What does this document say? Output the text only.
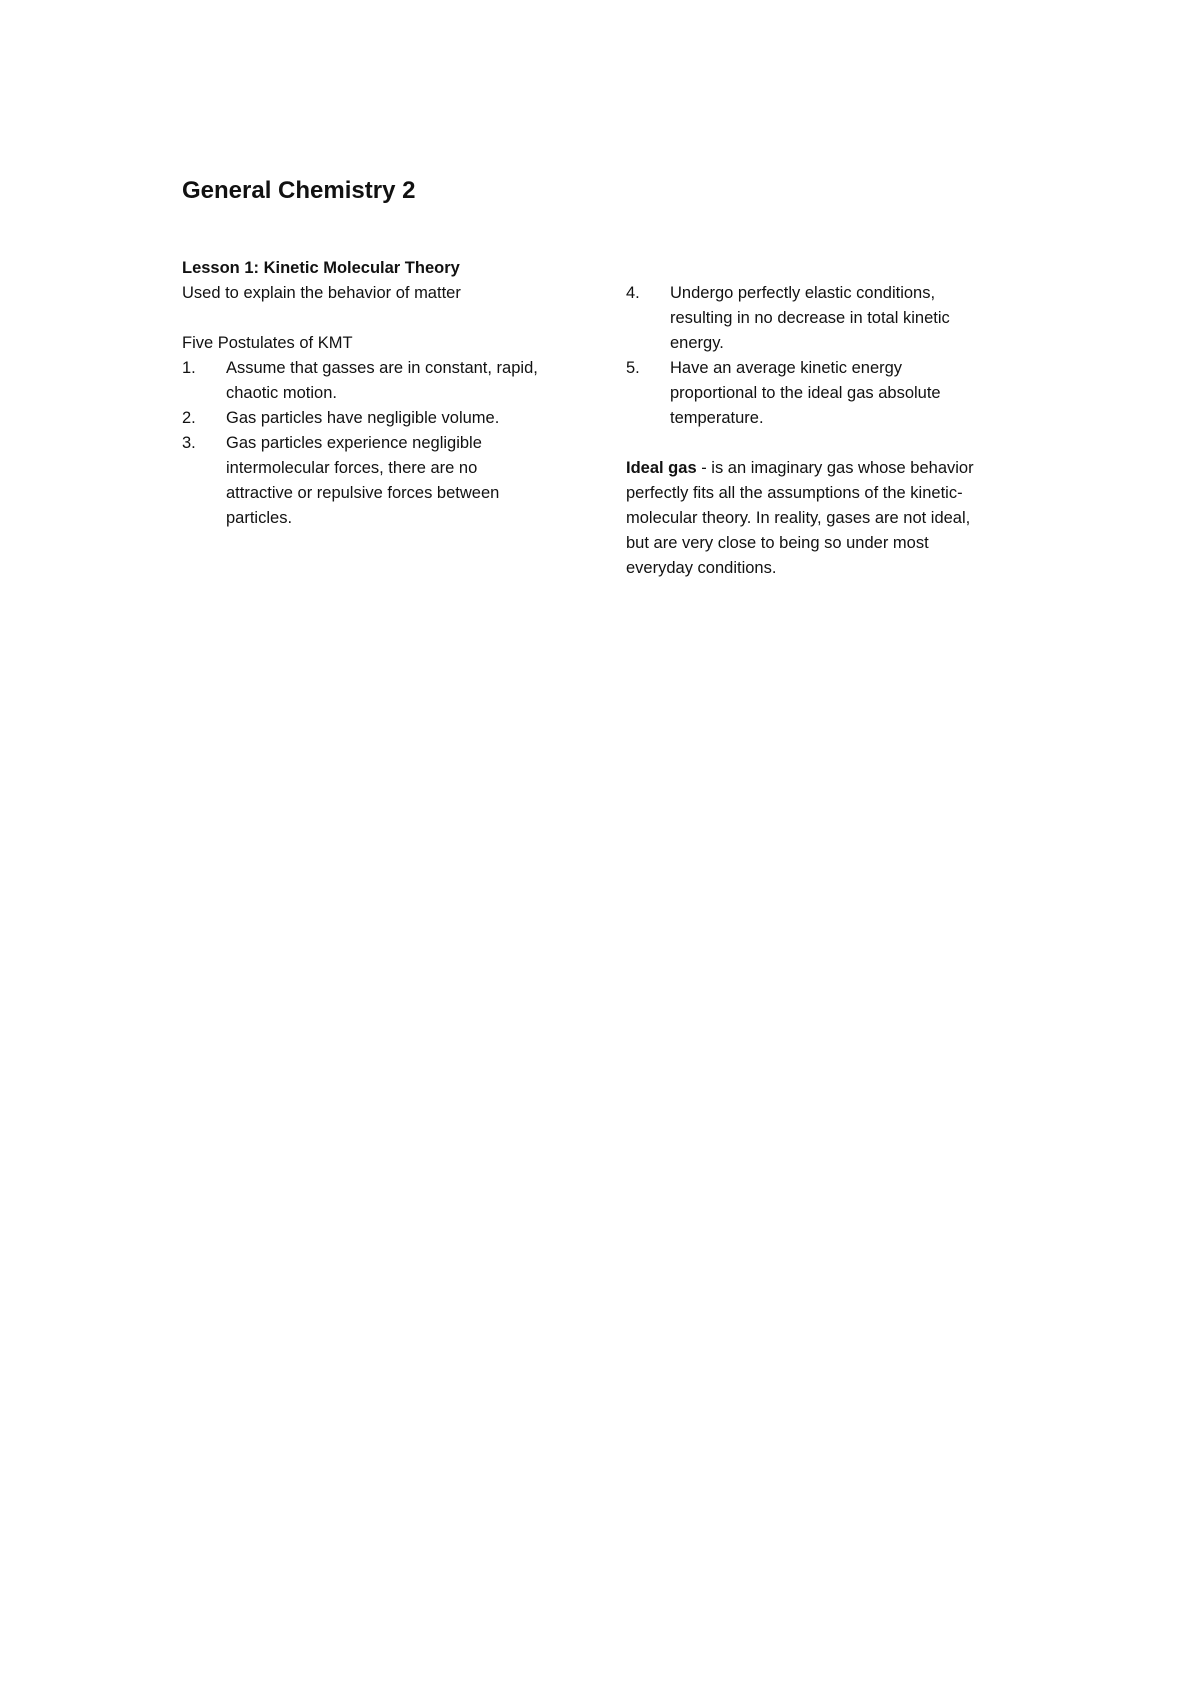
General Chemistry 2
Lesson 1: Kinetic Molecular Theory
Used to explain the behavior of matter
Five Postulates of KMT
1. Assume that gasses are in constant, rapid,
chaotic motion.
2. Gas particles have negligible volume.
3. Gas particles experience negligible
intermolecular forces, there are no
attractive or repulsive forces between
particles.
4. Undergo perfectly elastic conditions,
resulting in no decrease in total kinetic
energy.
5. Have an average kinetic energy
proportional to the ideal gas absolute
temperature.
Ideal gas - is an imaginary gas whose behavior
perfectly fits all the assumptions of the kinetic-
molecular theory. In reality, gases are not ideal,
but are very close to being so under most
everyday conditions.
